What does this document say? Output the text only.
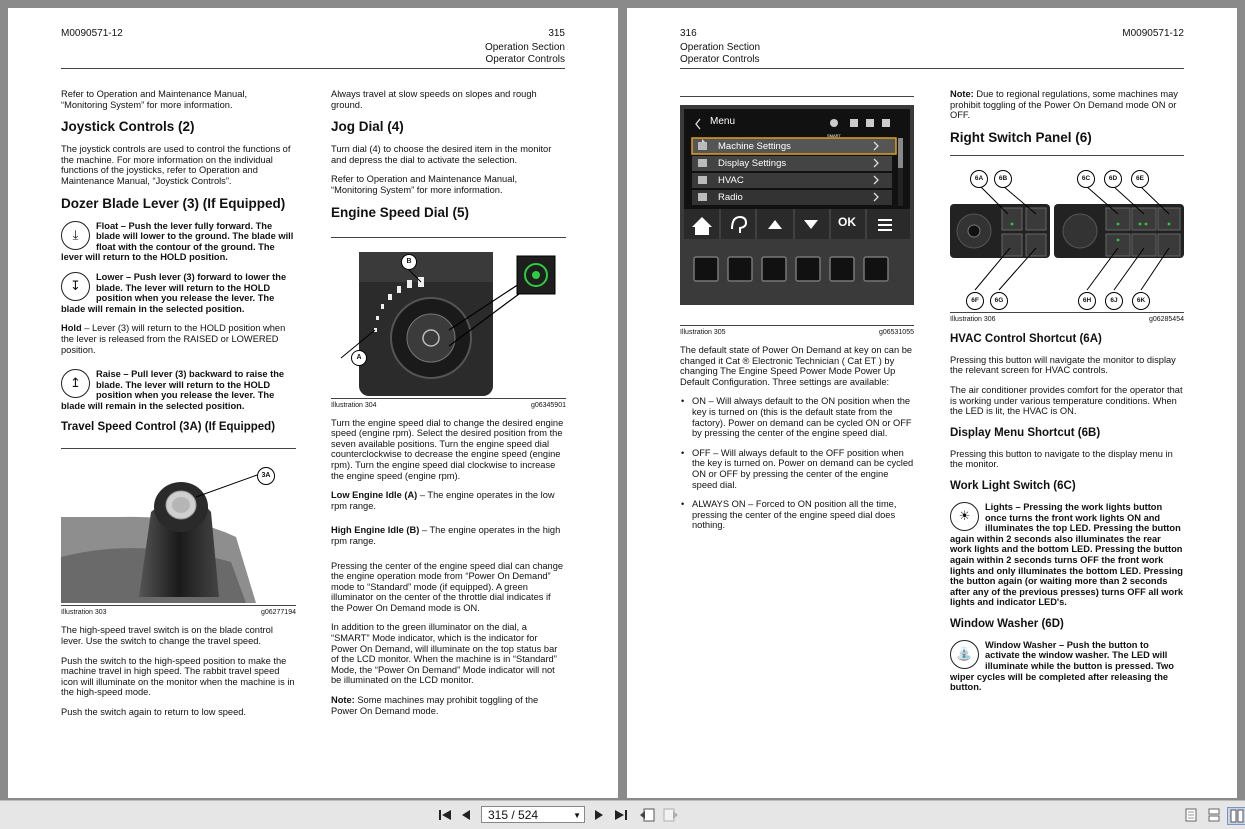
M0090571-12	315
Operation Section
Operator Controls

Refer to Operation and Maintenance Manual, “Monitoring System” for more information.

Joystick Controls (2)

The joystick controls are used to control the functions of the machine. For more information on the individual functions of the joysticks, refer to Operation and Maintenance Manual, “Joystick Controls”.

Dozer Blade Lever (3) (If Equipped)
⤓
Float – Push the lever fully forward. The blade will lower to the ground. The blade will float with the contour of the ground. The lever will return to the HOLD position.
↧
Lower – Push lever (3) forward to lower the blade. The lever will return to the HOLD position when you release the lever. The blade will remain in the selected position.

Hold – Lever (3) will return to the HOLD position when the lever is released from the RAISED or LOWERED position.

↥
Raise – Pull lever (3) backward to raise the blade. The lever will return to the HOLD position when you release the lever. The blade will remain in the selected position.
Travel Speed Control (3A) (If Equipped)
3A
Illustration 303	g06277194

The high-speed travel switch is on the blade control lever. Use the switch to change the travel speed.

Push the switch to the high-speed position to make the machine travel in high speed. The rabbit travel speed icon will illuminate on the monitor when the machine is in the high-speed mode.

Push the switch again to return to low speed.

Always travel at slow speeds on slopes and rough ground.

Jog Dial (4)

Turn dial (4) to choose the desired item in the monitor and depress the dial to activate the selection.

Refer to Operation and Maintenance Manual, “Monitoring System” for more information.

Engine Speed Dial (5)
A
B
Illustration 304	g06345901

Turn the engine speed dial to change the desired engine speed (engine rpm). Select the desired position from the seven available positions. Turn the engine speed dial counterclockwise to decrease the engine speed (engine rpm). Turn the engine speed dial clockwise to increase the engine speed (engine rpm).

Low Engine Idle (A) – The engine operates in the low rpm range.

High Engine Idle (B) – The engine operates in the high rpm range.

Pressing the center of the engine speed dial can change the engine operation mode from “Power On Demand” mode to “Standard” mode (if equipped). A green illuminator on the center of the throttle dial indicates if the Power On Demand mode is ON.

In addition to the green illuminator on the dial, a “SMART” Mode indicator, which is the indicator for Power On Demand, will illuminate on the top status bar of the LCD monitor. When the machine is in “Standard” Mode, the “Power On Demand” Mode indicator will not be illuminated on the LCD monitor.

Note: Some machines may prohibit toggling of the Power On Demand mode.

316	M0090571-12
Operation Section
Operator Controls
Menu
SMART
Machine Settings
Display Settings
HVAC
Radio
OK
Illustration 305	g06531055

The default state of Power On Demand at key on can be changed it Cat ® Electronic Technician ( Cat ET ) by changing The Engine Speed Power Mode Power Up Default Configuration. Three settings are available:

• ON – Will always default to the ON position when the key is turned on (this is the default state from the factory). Power on demand can be cycled ON or OFF by pressing the center of the engine speed dial.
• OFF – Will always default to the OFF position when the key is turned on. Power on demand can be cycled ON or OFF by pressing the center of the engine speed dial.
• ALWAYS ON – Forced to ON position all the time, pressing the center of the engine speed dial does nothing.

Note: Due to regional regulations, some machines may prohibit toggling of the Power On Demand mode ON or OFF.

Right Switch Panel (6)
6A	6B	6C	6D	6E
6F	6G	6H	6J	6K
Illustration 306	g06285454
HVAC Control Shortcut (6A)

Pressing this button will navigate the monitor to display the relevant screen for HVAC controls.

The air conditioner provides comfort for the operator that is working under various temperature conditions. When the LED is lit, the HVAC is ON.

Display Menu Shortcut (6B)

Pressing this button to navigate to the display menu in the monitor.

Work Light Switch (6C)
☀
Lights – Pressing the work lights button once turns the front work lights ON and illuminates the top LED. Pressing the button again within 2 seconds also illuminates the rear work lights and the bottom LED. Pressing the button again within 2 seconds turns OFF the front work lights and only illuminates the bottom LED. Pressing the button again (or waiting more than 2 seconds after any of the previous presses) turns OFF all work lights and indicator LED's.
Window Washer (6D)
⛲
Window Washer – Push the button to activate the window washer. The LED will illuminate while the button is pressed. Two wiper cycles will be completed after releasing the button.
315 / 524	▼
